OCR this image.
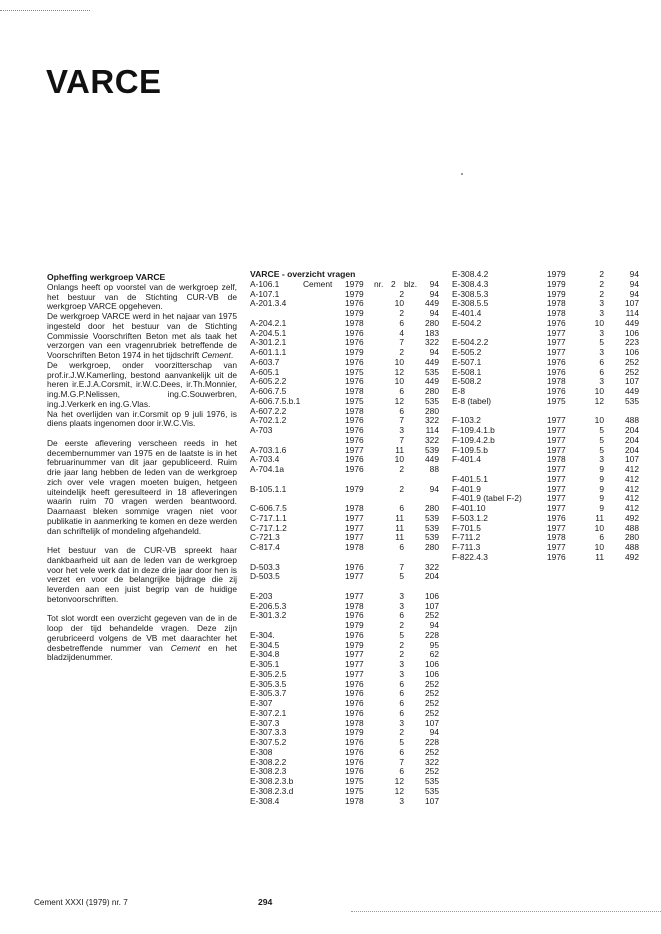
VARCE
Opheffing werkgroep VARCE

Onlangs heeft op voorstel van de werkgroep zelf, het bestuur van de Stichting CUR-VB de werkgroep VARCE opgeheven.

De werkgroep VARCE werd in het najaar van 1975 ingesteld door het bestuur van de Stichting Commissie Voorschriften Beton met als taak het verzorgen van een vragenrubriek betreffende de Voorschriften Beton 1974 in het tijdschrift Cement.

De werkgroep, onder voorzitterschap van prof.ir.J.W.Kamerling, bestond aanvankelijk uit de heren ir.E.J.A.Corsmit, ir.W.C.Dees, ir.Th.Monnier, ing.M.G.P.Nelissen, ing.C.Souwerbren, ing.J.Verkerk en ing.G.Vlas.

Na het overlijden van ir.Corsmit op 9 juli 1976, is diens plaats ingenomen door ir.W.C.Vis.

De eerste aflevering verscheen reeds in het decembernummer van 1975 en de laatste is in het februarinummer van dit jaar gepubliceerd. Ruim drie jaar lang hebben de leden van de werkgroep zich over vele vragen moeten buigen, hetgeen uiteindelijk heeft geresulteerd in 18 afleveringen waarin ruim 70 vragen werden beantwoord. Daarnaast bleken sommige vragen niet voor publikatie in aanmerking te komen en deze werden dan schriftelijk of mondeling afgehandeld.

Het bestuur van de CUR-VB spreekt haar dankbaarheid uit aan de leden van de werkgroep voor het vele werk dat in deze drie jaar door hen is verzet en voor de belangrijke bijdrage die zij leverden aan een juist begrip van de huidige betonvoorschriften.

Tot slot wordt een overzicht gegeven van de in de loop der tijd behandelde vragen. Deze zijn gerubriceerd volgens de VB met daarachter het desbetreffende nummer van Cement en het bladzijdenummer.

VARCE - overzicht vragen
A-106.1	Cement 1979 nr. 2 blz.	94
A-107.1	1979	2	94
A-201.3.4	1976	10	449
1979	2	94
A-204.2.1	1978	6	280
A-204.5.1	1976	4	183
A-301.2.1	1976	7	322
A-601.1.1	1979	2	94
A-603.7	1976	10	449
A-605.1	1975	12	535
A-605.2.2	1976	10	449
A-606.7.5	1978	6	280
A-606.7.5.b.1	1975	12	535
A-607.2.2	1978	6	280
A-702.1.2	1976	7	322
A-703	1976	3	114
1976	7	322
A-703.1.6	1977	11	539
A-703.4	1976	10	449
A-704.1a	1976	2	88
B-105.1.1	1979	2	94
C-606.7.5	1978	6	280
C-717.1.1	1977	11	539
C-717.1.2	1977	11	539
C-721.3	1977	11	539
C-817.4	1978	6	280
D-503.3	1976	7	322
D-503.5	1977	5	204
E-203	1977	3	106
E-206.5.3	1978	3	107
E-301.3.2	1976	6	252
1979	2	94
E-304.	1976	5	228
E-304.5	1979	2	95
E-304.8	1977	2	62
E-305.1	1977	3	106
E-305.2.5	1977	3	106
E-305.3.5	1976	6	252
E-305.3.7	1976	6	252
E-307	1976	6	252
E-307.2.1	1976	6	252
E-307.3	1978	3	107
E-307.3.3	1979	2	94
E-307.5.2	1976	5	228
E-308	1976	6	252
E-308.2.2	1976	7	322
E-308.2.3	1976	6	252
E-308.2.3.b	1975	12	535
E-308.2.3.d	1975	12	535
E-308.4	1978	3	107
E-308.4.2	1979	2	94
E-308.4.3	1979	2	94
E-308.5.3	1979	2	94
E-308.5.5	1978	3	107
E-401.4	1978	3	114
E-504.2	1976	10	449
1977	3	106
E-504.2.2	1977	5	223
E-505.2	1977	3	106
E-507.1	1976	6	252
E-508.1	1976	6	252
E-508.2	1978	3	107
E-8	1976	10	449
E-8 (tabel)	1975	12	535
F-103.2	1977	10	488
F-109.4.1.b	1977	5	204
F-109.4.2.b	1977	5	204
F-109.5.b	1977	5	204
F-401.4	1978	3	107
1977	9	412
F-401.5.1	1977	9	412
F-401.9	1977	9	412
F-401.9 (tabel F-2)	1977	9	412
F-401.10	1977	9	412
F-503.1.2	1976	11	492
F-701.5	1977	10	488
F-711.2	1978	6	280
F-711.3	1977	10	488
F-822.4.3	1976	11	492
Cement XXXI (1979) nr. 7	294
